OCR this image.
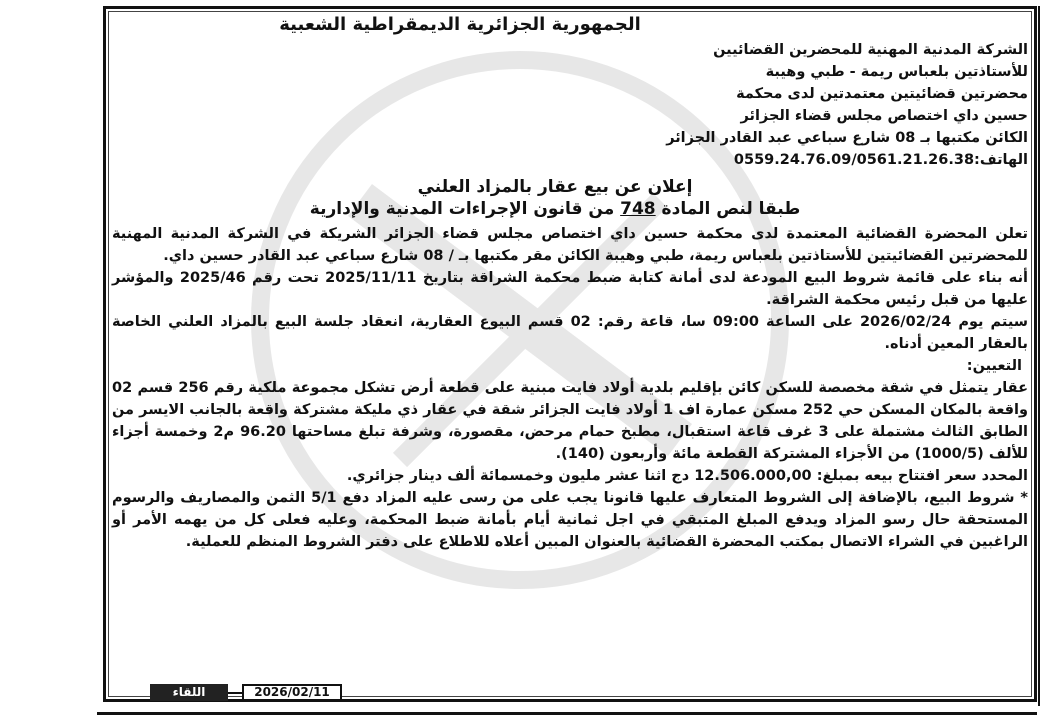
الجمهورية الجزائرية الديمقراطية الشعبية
الشركة المدنية المهنية للمحضرين القضائيين
للأستاذتين بلعباس ريمة - طبي وهيبة
محضرتين قضائيتين معتمدتين لدى محكمة
حسين داي اختصاص مجلس قضاء الجزائر
الكائن مكتبها بـ 08 شارع سباعي عبد القادر الجزائر
الهاتف:0559.24.76.09/0561.21.26.38
إعلان عن بيع عقار بالمزاد العلني
طبقا لنص المادة 748 من قانون الإجراءات المدنية والإدارية

تعلن المحضرة القضائية المعتمدة لدى محكمة حسين داي اختصاص مجلس قضاء الجزائر الشريكة في الشركة المدنية المهنية للمحضرتين القضائيتين للأستاذتين بلعباس ريمة، طبي وهيبة الكائن مقر مكتبها بـ / 08 شارع سباعي عبد القادر حسين داي.

أنه بناء على قائمة شروط البيع المودعة لدى أمانة كتابة ضبط محكمة الشراقة بتاريخ 2025/11/11 تحت رقم 2025/46 والمؤشر عليها من قبل رئيس محكمة الشراقة.

سيتم يوم 2026/02/24 على الساعة 09:00 سا، قاعة رقم: 02 قسم البيوع العقارية، انعقاد جلسة البيع بالمزاد العلني الخاصة بالعقار المعين أدناه.

التعيين:

عقار يتمثل في شقة مخصصة للسكن كائن بإقليم بلدية أولاد فايت مبنية على قطعة أرض تشكل مجموعة ملكية رقم 256 قسم 02 واقعة بالمكان المسكن حي 252 مسكن عمارة اف 1 أولاد فايت الجزائر شقة في عقار ذي مليكة مشتركة واقعة بالجانب الايسر من الطابق الثالث مشتملة على 3 غرف قاعة استقبال، مطبخ حمام مرحض، مقصورة، وشرفة تبلغ مساحتها 96.20 م2 وخمسة أجزاء للألف (1000/5) من الأجزاء المشتركة القطعة مائة وأربعون (140).

المحدد سعر افتتاح بيعه بمبلغ: 12.506.000,00 دج اثنا عشر مليون وخمسمائة ألف دينار جزائري.

* شروط البيع، بالإضافة إلى الشروط المتعارف عليها قانونا يجب على من رسى عليه المزاد دفع 5/1 الثمن والمصاريف والرسوم المستحقة حال رسو المزاد ويدفع المبلغ المتبقي في اجل ثمانية أيام بأمانة ضبط المحكمة، وعليه فعلى كل من يهمه الأمر أو الراغبين في الشراء الاتصال بمكتب المحضرة القضائية بالعنوان المبين أعلاه للاطلاع على دفتر الشروط المنظم للعملية.

اللقاء	2026/02/11
